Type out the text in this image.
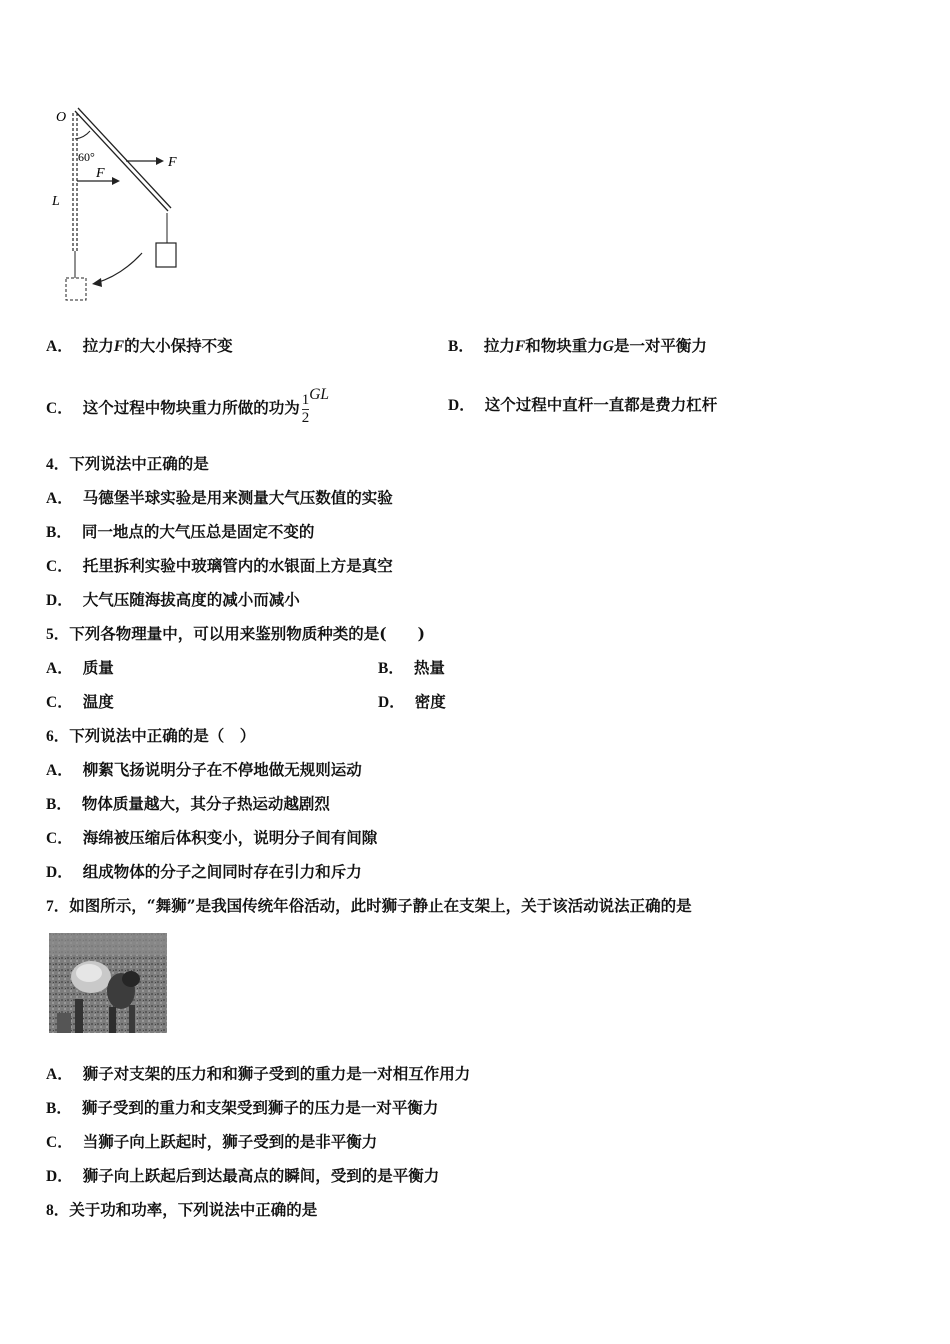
O
60°	F
F
L
A． 拉力F的大小保持不变	B． 拉力F和物块重力G是一对平衡力
C． 这个过程中物块重力所做的功为 $\frac{1}{2}$ GL
D． 这个过程中直杆一直都是费力杠杆
4．下列说法中正确的是
A． 马德堡半球实验是用来测量大气压数值的实验
B． 同一地点的大气压总是固定不变的
C． 托里拆利实验中玻璃管内的水银面上方是真空
D． 大气压随海拔高度的减小而减小
5．下列各物理量中，可以用来鉴别物质种类的是(　　)
A． 质量	B． 热量
C． 温度	D． 密度
6．下列说法中正确的是（　）
A． 柳絮飞扬说明分子在不停地做无规则运动
B． 物体质量越大，其分子热运动越剧烈
C． 海绵被压缩后体积变小，说明分子间有间隙
D． 组成物体的分子之间同时存在引力和斥力
7．如图所示，“舞狮”是我国传统年俗活动，此时狮子静止在支架上，关于该活动说法正确的是
A． 狮子对支架的压力和和狮子受到的重力是一对相互作用力
B． 狮子受到的重力和支架受到狮子的压力是一对平衡力
C． 当狮子向上跃起时，狮子受到的是非平衡力
D． 狮子向上跃起后到达最高点的瞬间，受到的是平衡力
8．关于功和功率，下列说法中正确的是
